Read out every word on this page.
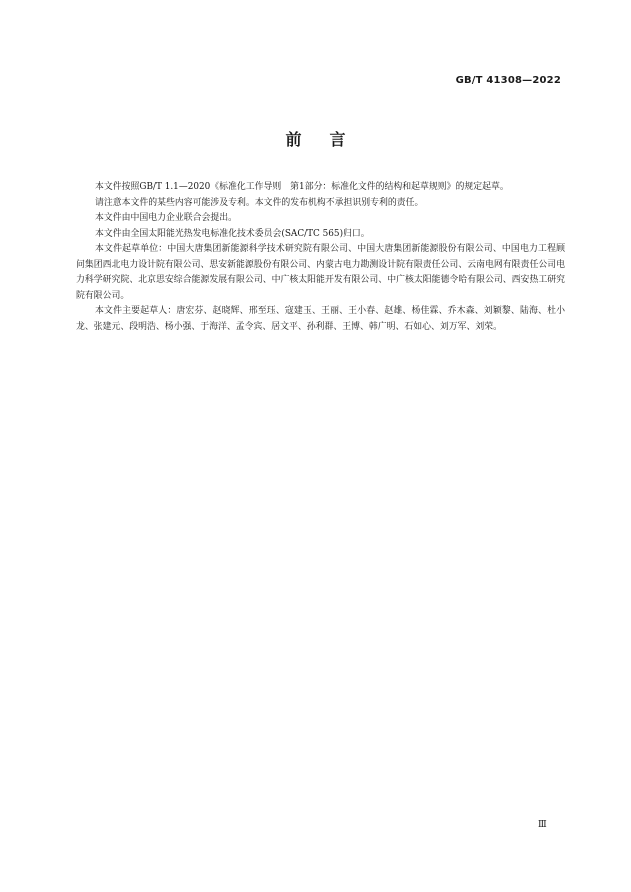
GB/T 41308—2022
前言

本文件按照GB/T 1.1—2020《标准化工作导则　第1部分：标准化文件的结构和起草规则》的规定起草。

请注意本文件的某些内容可能涉及专利。本文件的发布机构不承担识别专利的责任。

本文件由中国电力企业联合会提出。

本文件由全国太阳能光热发电标准化技术委员会(SAC/TC 565)归口。

本文件起草单位：中国大唐集团新能源科学技术研究院有限公司、中国大唐集团新能源股份有限公司、中国电力工程顾问集团西北电力设计院有限公司、思安新能源股份有限公司、内蒙古电力勘测设计院有限责任公司、云南电网有限责任公司电力科学研究院、北京思安综合能源发展有限公司、中广核太阳能开发有限公司、中广核太阳能德令哈有限公司、西安热工研究院有限公司。

本文件主要起草人：唐宏芬、赵晓辉、邢至珏、寇建玉、王丽、王小春、赵雄、杨佳霖、乔木森、刘颖黎、陆海、杜小龙、张建元、段明浩、杨小强、于海洋、孟令宾、居文平、孙利群、王博、韩广明、石如心、刘万军、刘荣。

Ⅲ
